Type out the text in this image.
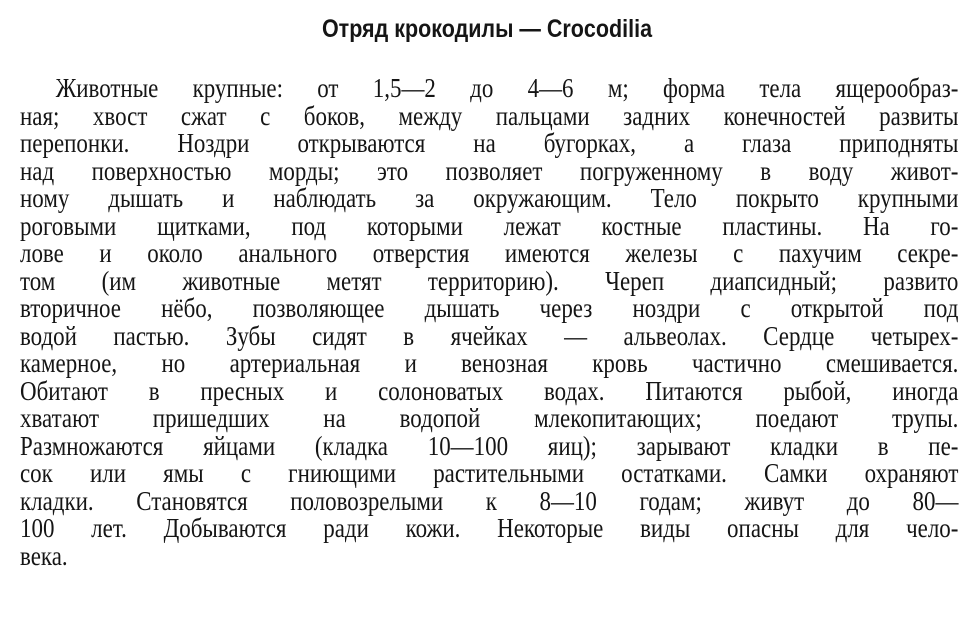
Отряд крокодилы — Crocodilia
Животные крупные: от 1,5—2 до 4—6 м; форма тела ящерообраз-
ная; хвост сжат с боков, между пальцами задних конечностей развиты
перепонки. Ноздри открываются на бугорках, а глаза приподняты
над поверхностью морды; это позволяет погруженному в воду живот-
ному дышать и наблюдать за окружающим. Тело покрыто крупными
роговыми щитками, под которыми лежат костные пластины. На го-
лове и около анального отверстия имеются железы с пахучим секре-
том (им животные метят территорию). Череп диапсидный; развито
вторичное нёбо, позволяющее дышать через ноздри с открытой под
водой пастью. Зубы сидят в ячейках — альвеолах. Сердце четырех-
камерное, но артериальная и венозная кровь частично смешивается.
Обитают в пресных и солоноватых водах. Питаются рыбой, иногда
хватают пришедших на водопой млекопитающих; поедают трупы.
Размножаются яйцами (кладка 10—100 яиц); зарывают кладки в пе-
сок или ямы с гниющими растительными остатками. Самки охраняют
кладки. Становятся половозрелыми к 8—10 годам; живут до 80—
100 лет. Добываются ради кожи. Некоторые виды опасны для чело-
века.
